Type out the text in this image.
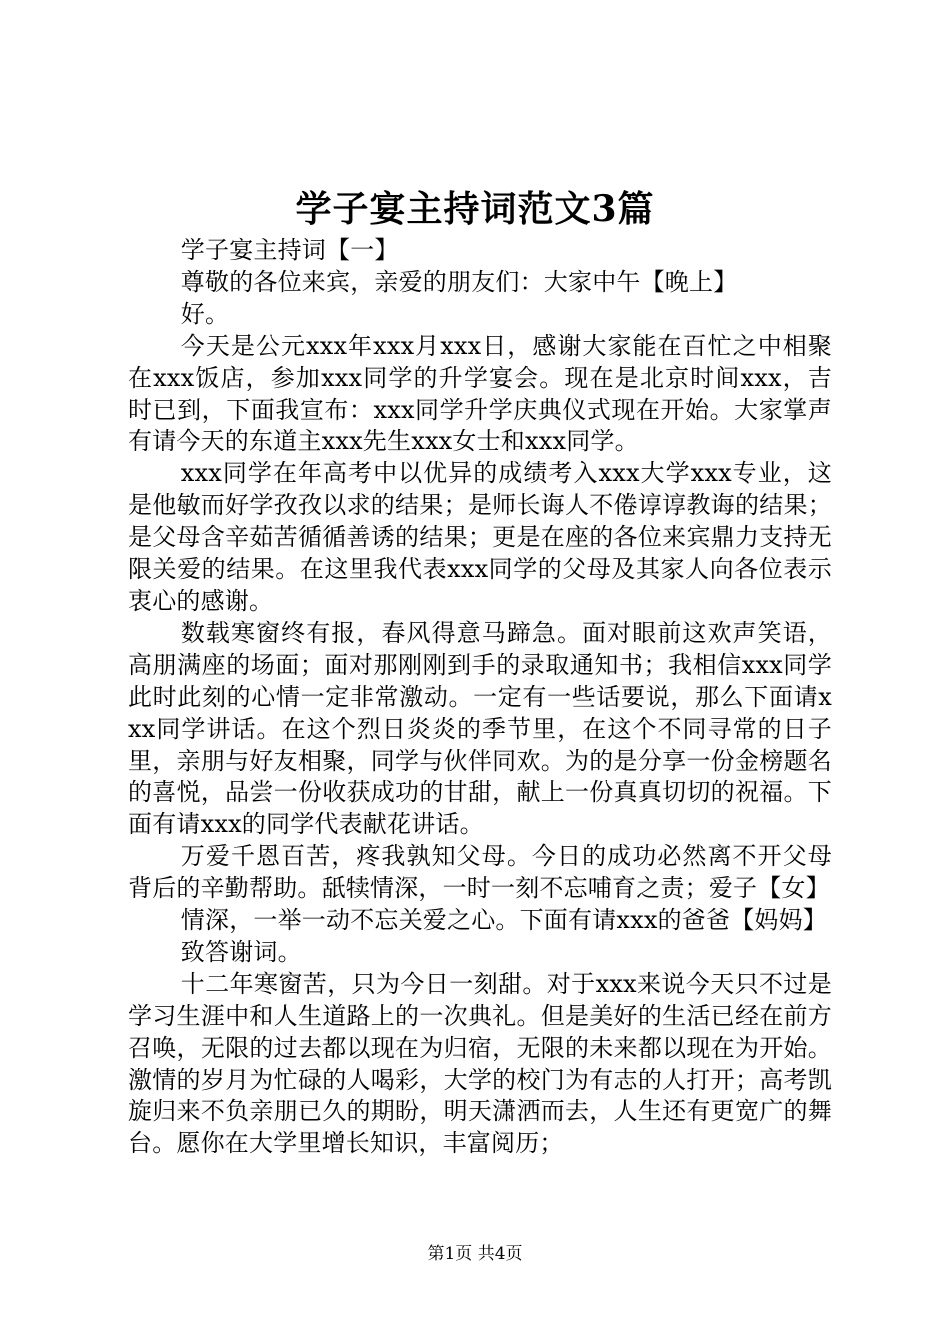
学子宴主持词范文3篇

学子宴主持词【一】

尊敬的各位来宾，亲爱的朋友们：大家中午【晚上】

好。

今天是公元xxx年xxx月xxx日，感谢大家能在百忙之中相聚在xxx饭店，参加xxx同学的升学宴会。现在是北京时间xxx，吉时已到，下面我宣布：xxx同学升学庆典仪式现在开始。大家掌声有请今天的东道主xxx先生xxx女士和xxx同学。

xxx同学在年高考中以优异的成绩考入xxx大学xxx专业，这是他敏而好学孜孜以求的结果；是师长诲人不倦谆谆教诲的结果；是父母含辛茹苦循循善诱的结果；更是在座的各位来宾鼎力支持无限关爱的结果。在这里我代表xxx同学的父母及其家人向各位表示衷心的感谢。

数载寒窗终有报，春风得意马蹄急。面对眼前这欢声笑语，高朋满座的场面；面对那刚刚到手的录取通知书；我相信xxx同学此时此刻的心情一定非常激动。一定有一些话要说，那么下面请xxx同学讲话。在这个烈日炎炎的季节里，在这个不同寻常的日子里，亲朋与好友相聚，同学与伙伴同欢。为的是分享一份金榜题名的喜悦，品尝一份收获成功的甘甜，献上一份真真切切的祝福。下面有请xxx的同学代表献花讲话。

万爱千恩百苦，疼我孰知父母。今日的成功必然离不开父母背后的辛勤帮助。舐犊情深，一时一刻不忘哺育之责；爱子【女】

情深，一举一动不忘关爱之心。下面有请xxx的爸爸【妈妈】

致答谢词。

十二年寒窗苦，只为今日一刻甜。对于xxx来说今天只不过是学习生涯中和人生道路上的一次典礼。但是美好的生活已经在前方召唤，无限的过去都以现在为归宿，无限的未来都以现在为开始。激情的岁月为忙碌的人喝彩，大学的校门为有志的人打开；高考凯旋归来不负亲朋已久的期盼，明天潇洒而去，人生还有更宽广的舞台。愿你在大学里增长知识，丰富阅历；

第1页 共4页
